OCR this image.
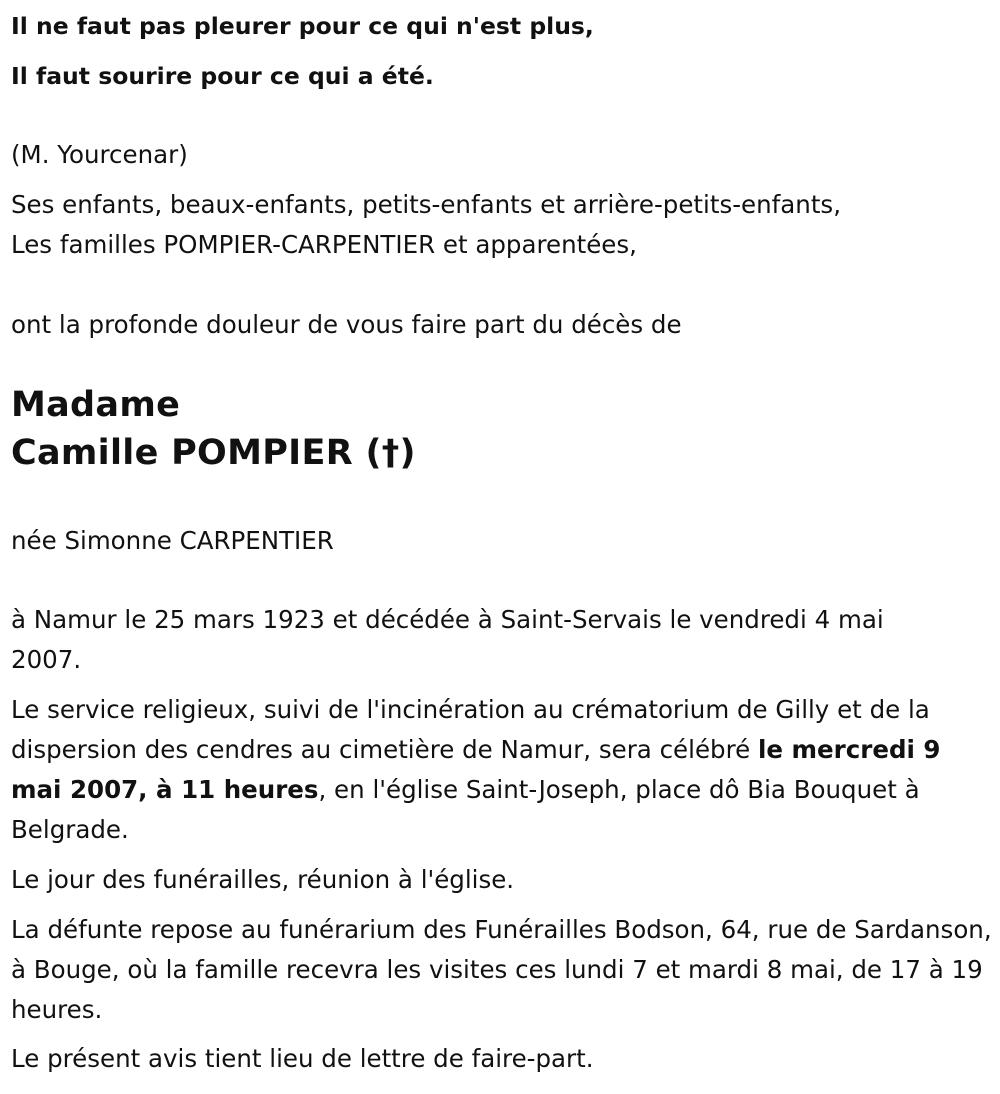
Il ne faut pas pleurer pour ce qui n'est plus,
Il faut sourire pour ce qui a été.
(M. Yourcenar)
Ses enfants, beaux-enfants, petits-enfants et arrière-petits-enfants,
Les familles POMPIER-CARPENTIER et apparentées,
ont la profonde douleur de vous faire part du décès de
Madame
Camille POMPIER (†)
née Simonne CARPENTIER
à Namur le 25 mars 1923 et décédée à Saint-Servais le vendredi 4 mai
2007.
Le service religieux, suivi de l'incinération au crématorium de Gilly et de la dispersion des cendres au cimetière de Namur, sera célébré le mercredi 9 mai 2007, à 11 heures, en l'église Saint-Joseph, place dô Bia Bouquet à Belgrade.
Le jour des funérailles, réunion à l'église.
La défunte repose au funérarium des Funérailles Bodson, 64, rue de Sardanson, à Bouge, où la famille recevra les visites ces lundi 7 et mardi 8 mai, de 17 à 19 heures.
Le présent avis tient lieu de lettre de faire-part.
